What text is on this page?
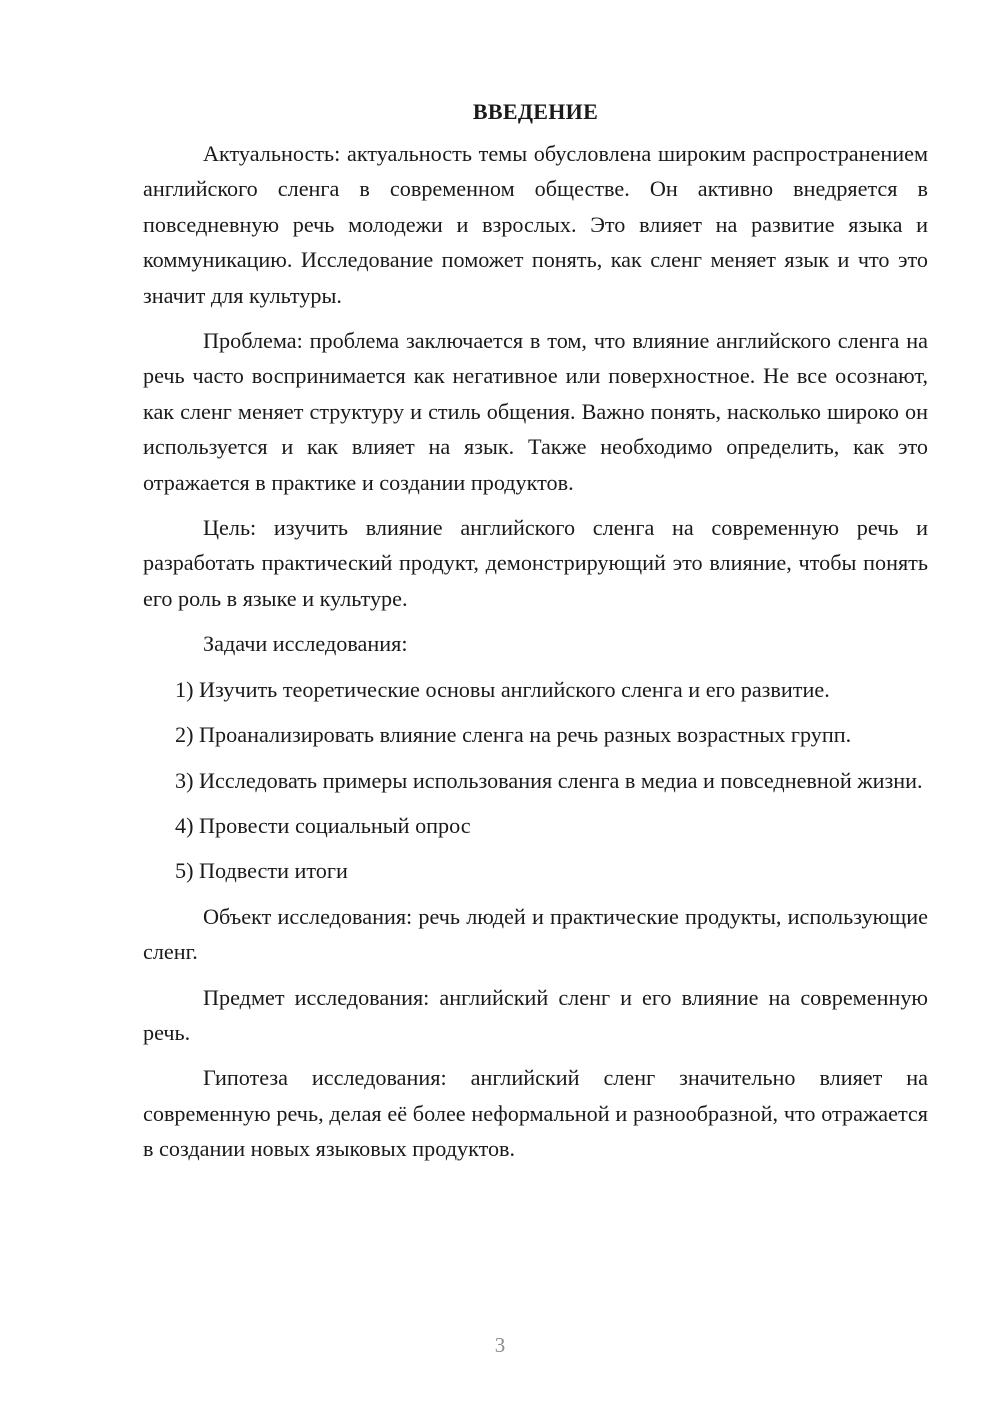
ВВЕДЕНИЕ

Актуальность: актуальность темы обусловлена широким распространением английского сленга в современном обществе. Он активно внедряется в повседневную речь молодежи и взрослых. Это влияет на развитие языка и коммуникацию. Исследование поможет понять, как сленг меняет язык и что это значит для культуры.

Проблема: проблема заключается в том, что влияние английского сленга на речь часто воспринимается как негативное или поверхностное. Не все осознают, как сленг меняет структуру и стиль общения. Важно понять, насколько широко он используется и как влияет на язык. Также необходимо определить, как это отражается в практике и создании продуктов.

Цель: изучить влияние английского сленга на современную речь и разработать практический продукт, демонстрирующий это влияние, чтобы понять его роль в языке и культуре.

Задачи исследования:

1) Изучить теоретические основы английского сленга и его развитие.

2) Проанализировать влияние сленга на речь разных возрастных групп.

3) Исследовать примеры использования сленга в медиа и повседневной жизни.

4) Провести социальный опрос

5) Подвести итоги

Объект исследования: речь людей и практические продукты, использующие сленг.

Предмет исследования: английский сленг и его влияние на современную речь.

Гипотеза исследования: английский сленг значительно влияет на современную речь, делая её более неформальной и разнообразной, что отражается в создании новых языковых продуктов.

3
